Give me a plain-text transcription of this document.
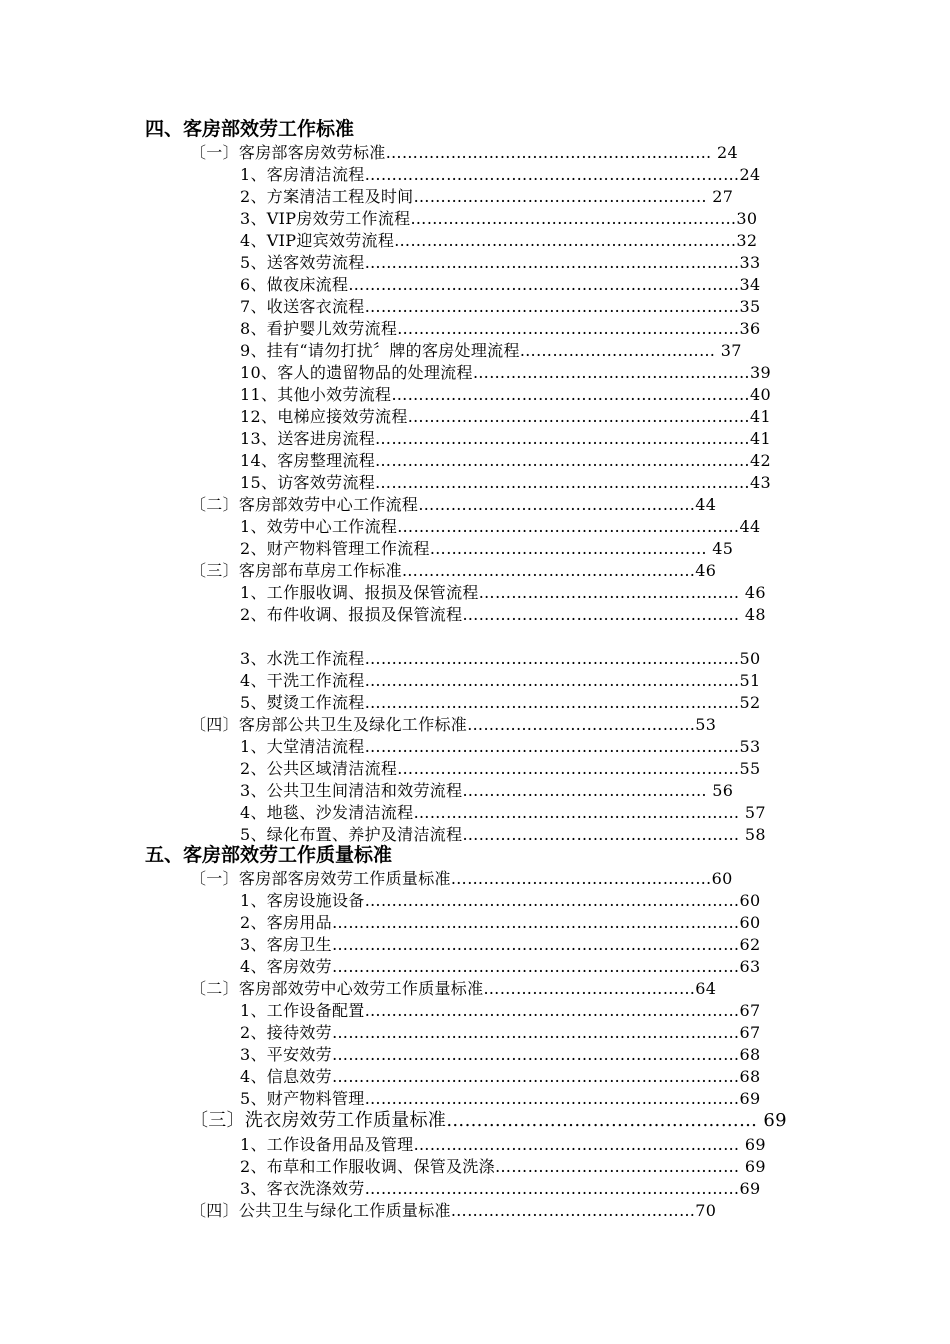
四、客房部效劳工作标准
〔一〕客房部客房效劳标准…………………………………………………… 24
1、客房清洁流程……………………………………………………………24
2、方案清洁工程及时间……………………………………………… 27
3、VIP房效劳工作流程……………………………………………………30
4、VIP迎宾效劳流程………………………………………………………32
5、送客效劳流程……………………………………………………………33
6、做夜床流程………………………………………………………………34
7、收送客衣流程……………………………………………………………35
8、看护婴儿效劳流程………………………………………………………36
9、挂有“请勿打扰〞牌的客房处理流程……………………………… 37
10、客人的遗留物品的处理流程……………………………………………39
11、其他小效劳流程…………………………………………………………40
12、电梯应接效劳流程………………………………………………………41
13、送客进房流程……………………………………………………………41
14、客房整理流程……………………………………………………………42
15、访客效劳流程……………………………………………………………43
〔二〕客房部效劳中心工作流程……………………………………………44
1、效劳中心工作流程………………………………………………………44
2、财产物料管理工作流程…………………………………………… 45
〔三〕客房部布草房工作标准………………………………………………46
1、工作服收调、报损及保管流程………………………………………… 46
2、布件收调、报损及保管流程…………………………………………… 48
3、水洗工作流程……………………………………………………………50
4、干洗工作流程……………………………………………………………51
5、熨烫工作流程……………………………………………………………52
〔四〕客房部公共卫生及绿化工作标准……………………………………53
1、大堂清洁流程……………………………………………………………53
2、公共区域清洁流程………………………………………………………55
3、公共卫生间清洁和效劳流程……………………………………… 56
4、地毯、沙发清洁流程…………………………………………………… 57
5、绿化布置、养护及清洁流程…………………………………………… 58
五、客房部效劳工作质量标准
〔一〕客房部客房效劳工作质量标准…………………………………………60
1、客房设施设备……………………………………………………………60
2、客房用品…………………………………………………………………60
3、客房卫生…………………………………………………………………62
4、客房效劳…………………………………………………………………63
〔二〕客房部效劳中心效劳工作质量标准…………………………………64
1、工作设备配置……………………………………………………………67
2、接待效劳…………………………………………………………………67
3、平安效劳…………………………………………………………………68
4、信息效劳…………………………………………………………………68
5、财产物料管理……………………………………………………………69
〔三〕洗衣房效劳工作质量标准…………………………………………… 69
1、工作设备用品及管理…………………………………………………… 69
2、布草和工作服收调、保管及洗涤……………………………………… 69
3、客衣洗涤效劳……………………………………………………………69
〔四〕公共卫生与绿化工作质量标准………………………………………70
